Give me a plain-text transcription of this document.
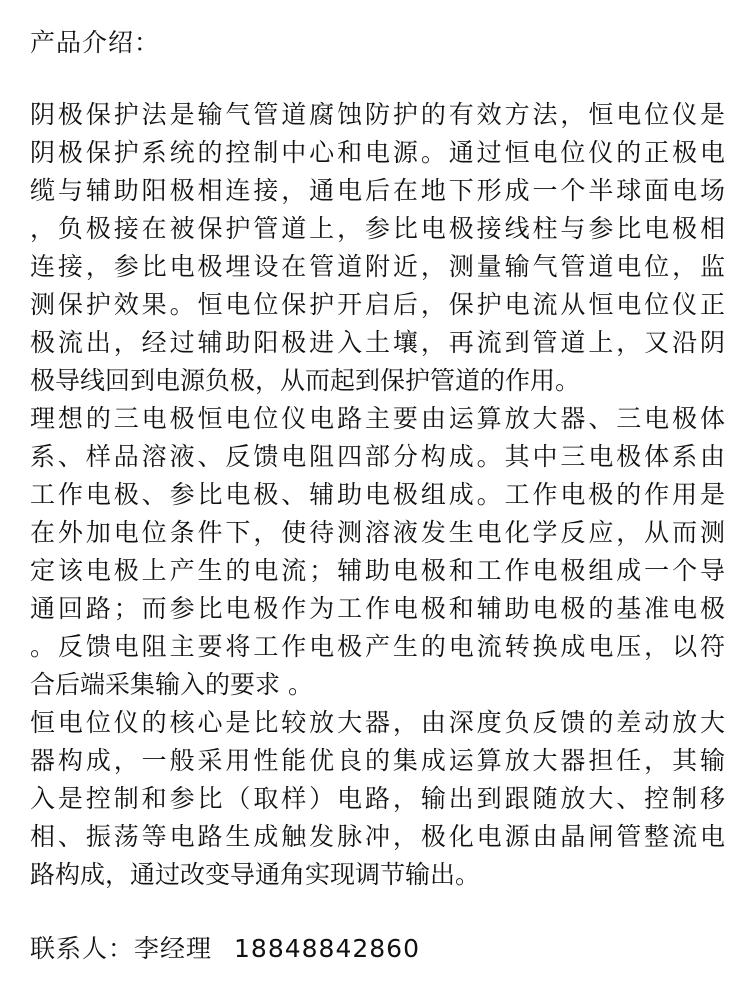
产品介绍：
阴极保护法是输气管道腐蚀防护的有效方法，恒电位仪是
阴极保护系统的控制中心和电源。通过恒电位仪的正极电
缆与辅助阳极相连接，通电后在地下形成一个半球面电场
，负极接在被保护管道上，参比电极接线柱与参比电极相
连接，参比电极埋设在管道附近，测量输气管道电位，监
测保护效果。恒电位保护开启后，保护电流从恒电位仪正
极流出，经过辅助阳极进入土壤，再流到管道上，又沿阴
极导线回到电源负极，从而起到保护管道的作用。
理想的三电极恒电位仪电路主要由运算放大器、三电极体
系、样品溶液、反馈电阻四部分构成。其中三电极体系由
工作电极、参比电极、辅助电极组成。工作电极的作用是
在外加电位条件下，使待测溶液发生电化学反应，从而测
定该电极上产生的电流；辅助电极和工作电极组成一个导
通回路；而参比电极作为工作电极和辅助电极的基准电极
。反馈电阻主要将工作电极产生的电流转换成电压，以符
合后端采集输入的要求 。
恒电位仪的核心是比较放大器，由深度负反馈的差动放大
器构成，一般采用性能优良的集成运算放大器担任，其输
入是控制和参比（取样）电路，输出到跟随放大、控制移
相、振荡等电路生成触发脉冲，极化电源由晶闸管整流电
路构成，通过改变导通角实现调节输出。
联系人：李经理 18848842860
